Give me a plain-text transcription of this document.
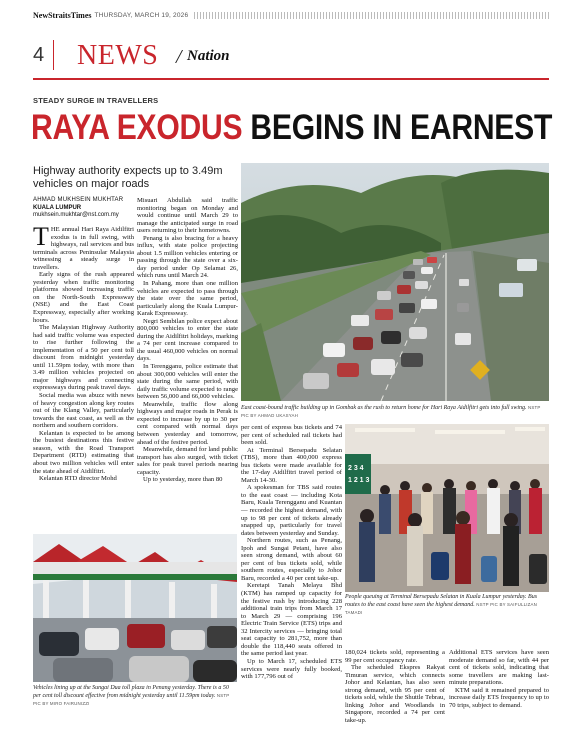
NewStraitsTimes THURSDAY, MARCH 19, 2026
4 NEWS / Nation
STEADY SURGE IN TRAVELLERS
RAYA EXODUS BEGINS IN EARNEST
Highway authority expects up to 3.49m vehicles on major roads
AHMAD MUKHSEIN MUKHTAR
KUALA LUMPUR
mukhsein.mukhtar@nst.com.my

THE annual Hari Raya Aidilfitri exodus is in full swing, with highways, rail services and bus terminals across Peninsular Malaysia witnessing a steady surge in travellers.

Early signs of the rush appeared yesterday when traffic monitoring platforms showed increasing traffic on the North-South Expressway (NSE) and the East Coast Expressway, especially after working hours.

The Malaysian Highway Authority had said traffic volume was expected to rise further following the implementation of a 50 per cent toll discount from midnight yesterday until 11.59pm today, with more than 3.49 million vehicles projected on major highways and connecting expressways during peak travel days.

Social media was abuzz with news of heavy congestion along key routes out of the Klang Valley, particularly towards the east coast, as well as the northern and southern corridors.

Kelantan is expected to be among the busiest destinations this festive season, with the Road Transport Department (RTD) estimating that about two million vehicles will enter the state ahead of Aidilfitri.

Kelantan RTD director Mohd

Misuari Abdullah said traffic monitoring began on Monday and would continue until March 29 to manage the anticipated surge in road users returning to their hometowns.

Penang is also bracing for a heavy influx, with state police projecting about 1.5 million vehicles entering or passing through the state over a six-day period under Op Selamat 26, which runs until March 24.

In Pahang, more than one million vehicles are expected to pass through the state over the same period, particularly along the Kuala Lumpur-Karak Expressway.

Negri Sembilan police expect about 800,000 vehicles to enter the state during the Aidilfitri holidays, marking a 74 per cent increase compared to the usual 460,000 vehicles on normal days.

In Terengganu, police estimate that about 300,000 vehicles will enter the state during the same period, with daily traffic volume expected to range between 56,000 and 66,000 vehicles.

Meanwhile, traffic flow along highways and major roads in Perak is expected to increase by up to 30 per cent compared with normal days between yesterday and tomorrow, ahead of the festive period.

Meanwhile, demand for land public transport has also surged, with ticket sales for peak travel periods nearing capacity.

Up to yesterday, more than 80

per cent of express bus tickets and 74 per cent of scheduled rail tickets had been sold.

At Terminal Bersepadu Selatan (TBS), more than 400,000 express bus tickets were made available for the 17-day Aidilfitri travel period of March 14-30.

A spokesman for TBS said routes to the east coast — including Kota Baru, Kuala Terengganu and Kuantan — recorded the highest demand, with up to 98 per cent of tickets already snapped up, particularly for travel dates between yesterday and Sunday.

Northern routes, such as Penang, Ipoh and Sungai Petani, have also seen strong demand, with about 60 per cent of bus tickets sold, while southern routes, especially to Johor Baru, recorded a 40 per cent take-up.

Keretapi Tanah Melayu Bhd (KTM) has ramped up capacity for the festive rush by introducing 228 additional train trips from March 17 to March 29 — comprising 196 Electric Train Service (ETS) trips and 32 Intercity services — bringing total seat capacity to 281,752, more than double the 118,440 seats offered in the same period last year.

Up to March 17, scheduled ETS services were nearly fully booked, with 177,796 out of

180,024 tickets sold, representing a 99 per cent occupancy rate.

The scheduled Ekspres Rakyat Timuran service, which connects Johor and Kelantan, has also seen strong demand, with 95 per cent of tickets sold, while the Shuttle Tebrau, linking Johor and Woodlands in Singapore, recorded a 74 per cent take-up.

Additional ETS services have seen moderate demand so far, with 44 per cent of tickets sold, indicating that some travellers are making last-minute preparations.

KTM said it remained prepared to increase daily ETS frequency to up to 70 trips, subject to demand.

East coast-bound traffic building up in Gombak as the rush to return home for Hari Raya Aidilfitri gets into full swing. NSTP PIC BY AHMAD UKASYAH
Vehicles lining up at the Sungai Dua toll plaza in Penang yesterday. There is a 50 per cent toll discount effective from midnight yesterday until 11.59pm today. NSTP PIC BY MIRO FAIRUNIZZI
2 3 4
1 2 1 3
People queuing at Terminal Bersepadu Selatan in Kuala Lumpur yesterday. Bus routes to the east coast have seen the highest demand. NSTP PIC BY SAIFULLIZAN TAMADI
